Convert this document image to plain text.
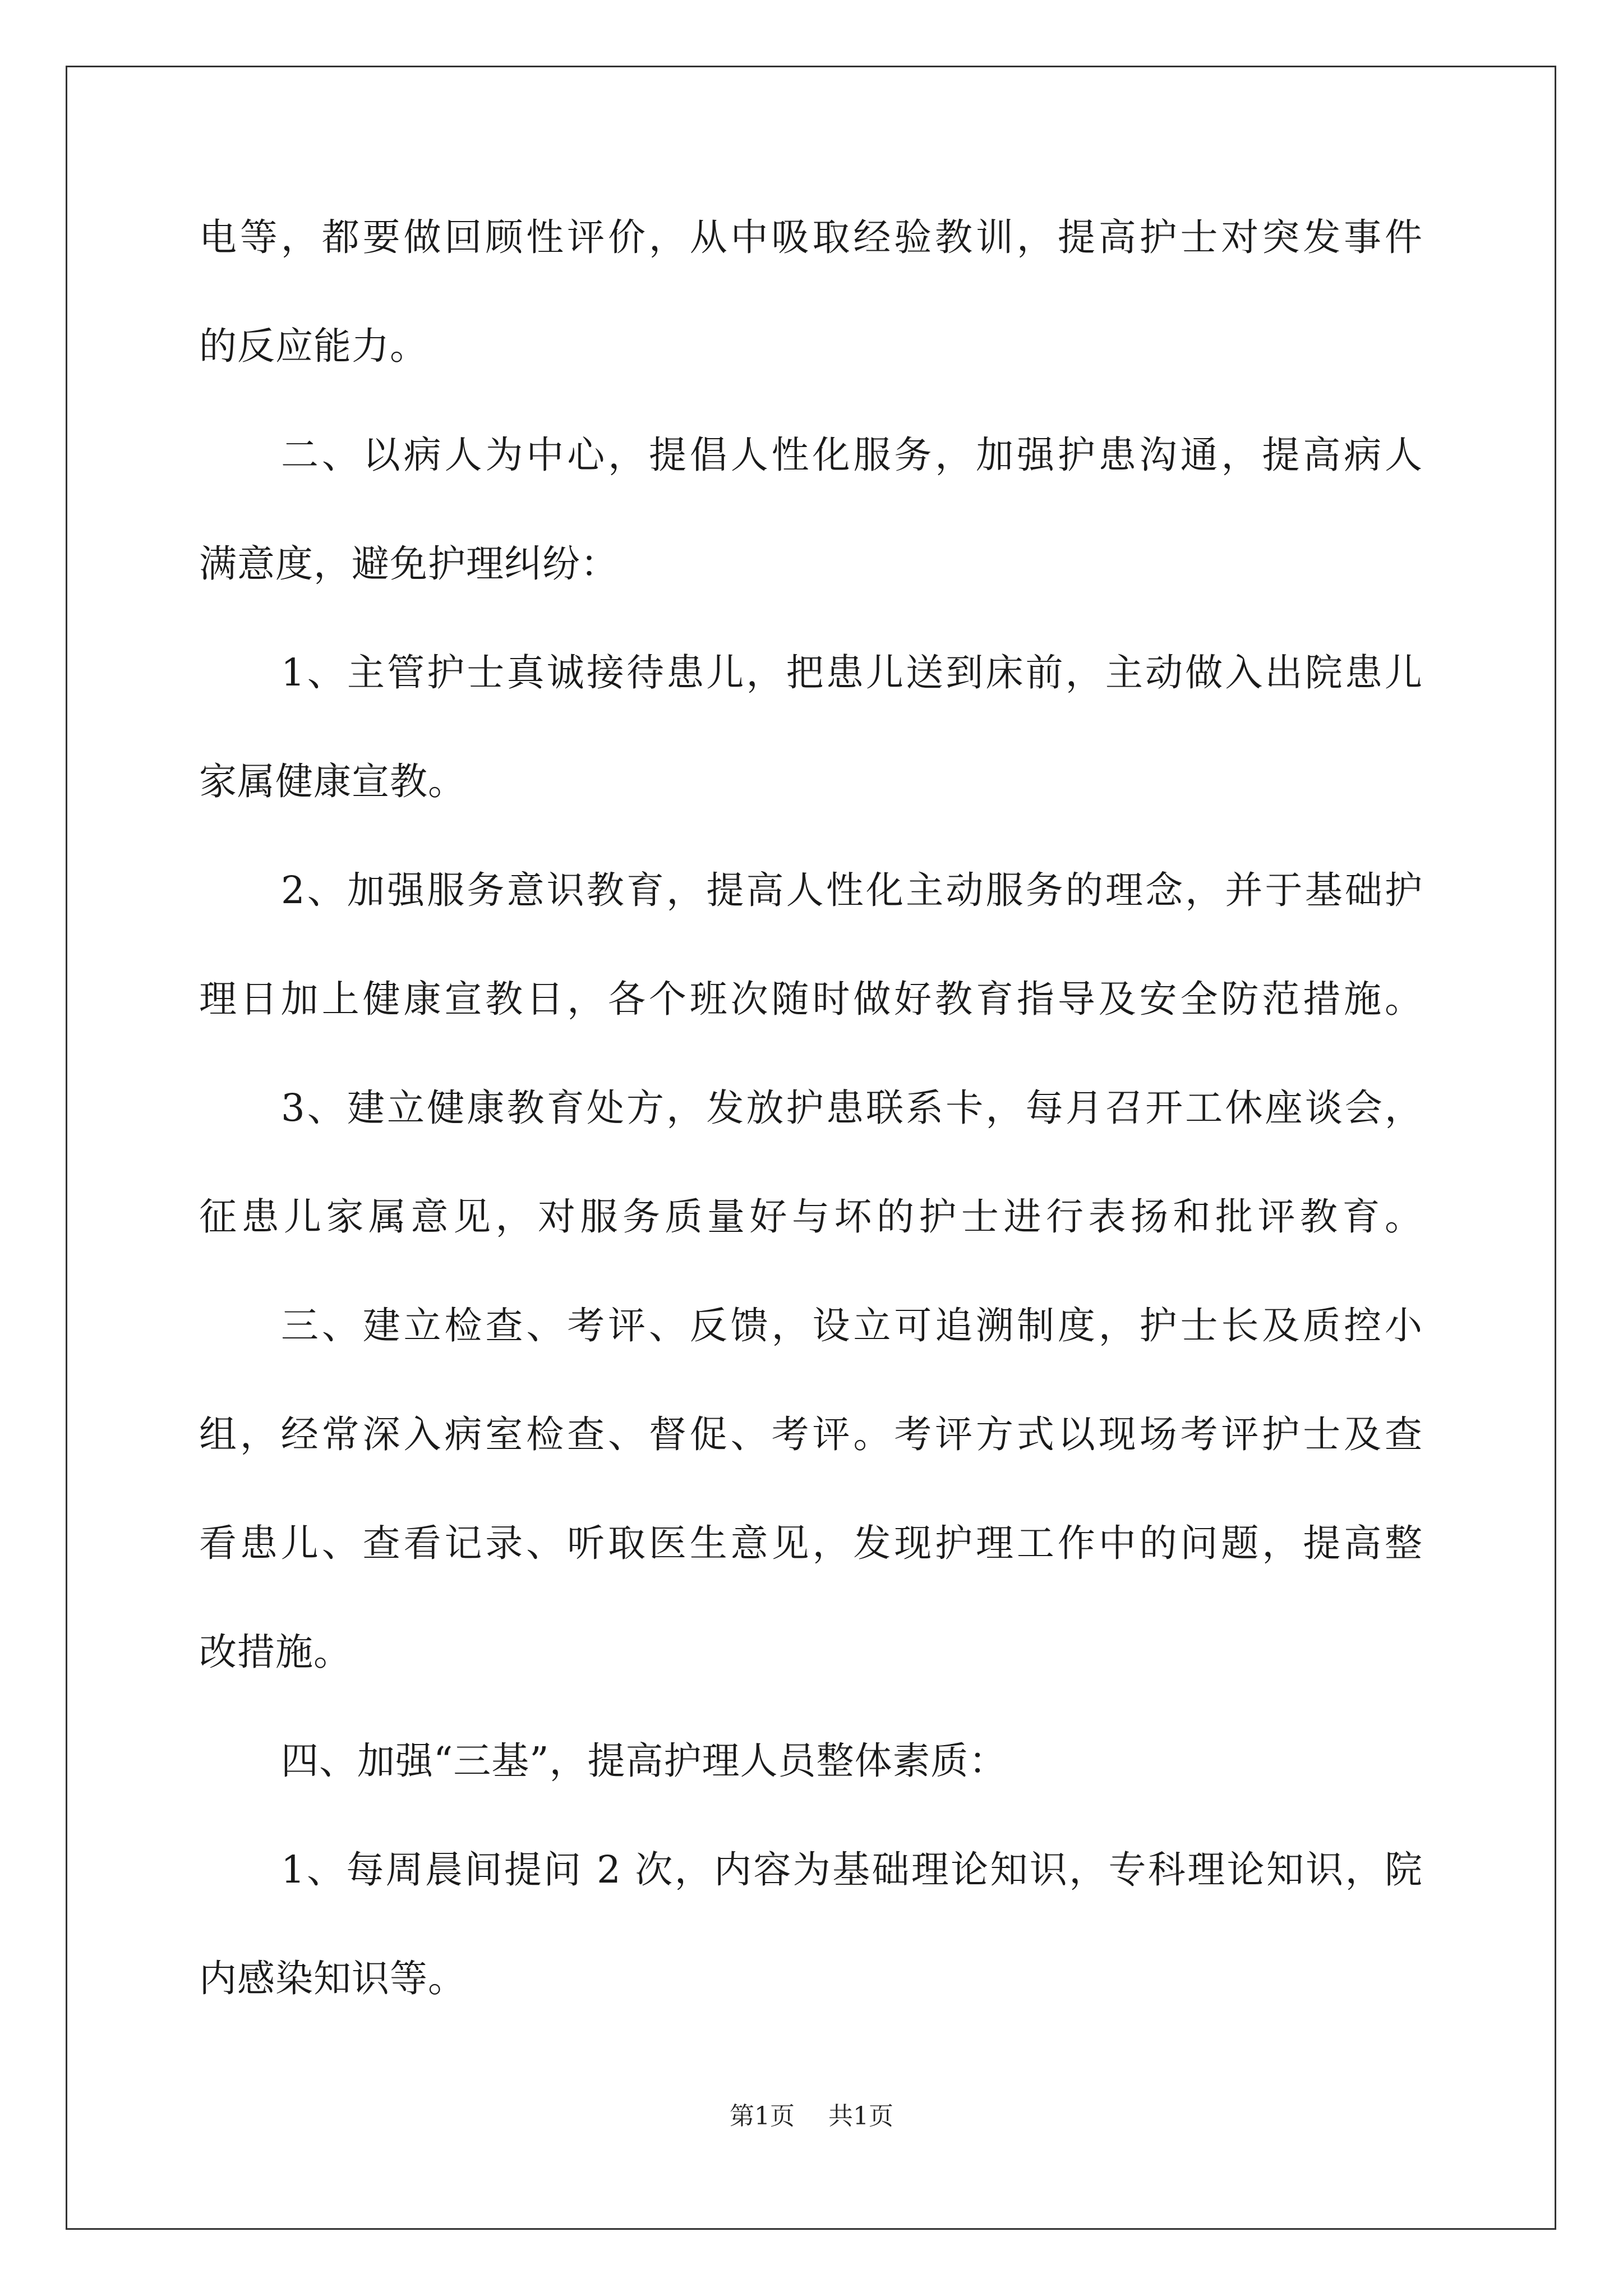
电等，都要做回顾性评价，从中吸取经验教训，提高护士对突发事件
的反应能力。
二、以病人为中心，提倡人性化服务，加强护患沟通，提高病人
满意度，避免护理纠纷：
1、主管护士真诚接待患儿，把患儿送到床前，主动做入出院患儿
家属健康宣教。
2、加强服务意识教育，提高人性化主动服务的理念，并于基础护
理日加上健康宣教日，各个班次随时做好教育指导及安全防范措施。
3、建立健康教育处方，发放护患联系卡，每月召开工休座谈会，
征患儿家属意见，对服务质量好与坏的护士进行表扬和批评教育。
三、建立检查、考评、反馈，设立可追溯制度，护士长及质控小
组，经常深入病室检查、督促、考评。考评方式以现场考评护士及查
看患儿、查看记录、听取医生意见，发现护理工作中的问题，提高整
改措施。
四、加强“三基”，提高护理人员整体素质：
1、每周晨间提问 2 次，内容为基础理论知识，专科理论知识，院
内感染知识等。
第1页 共1页
